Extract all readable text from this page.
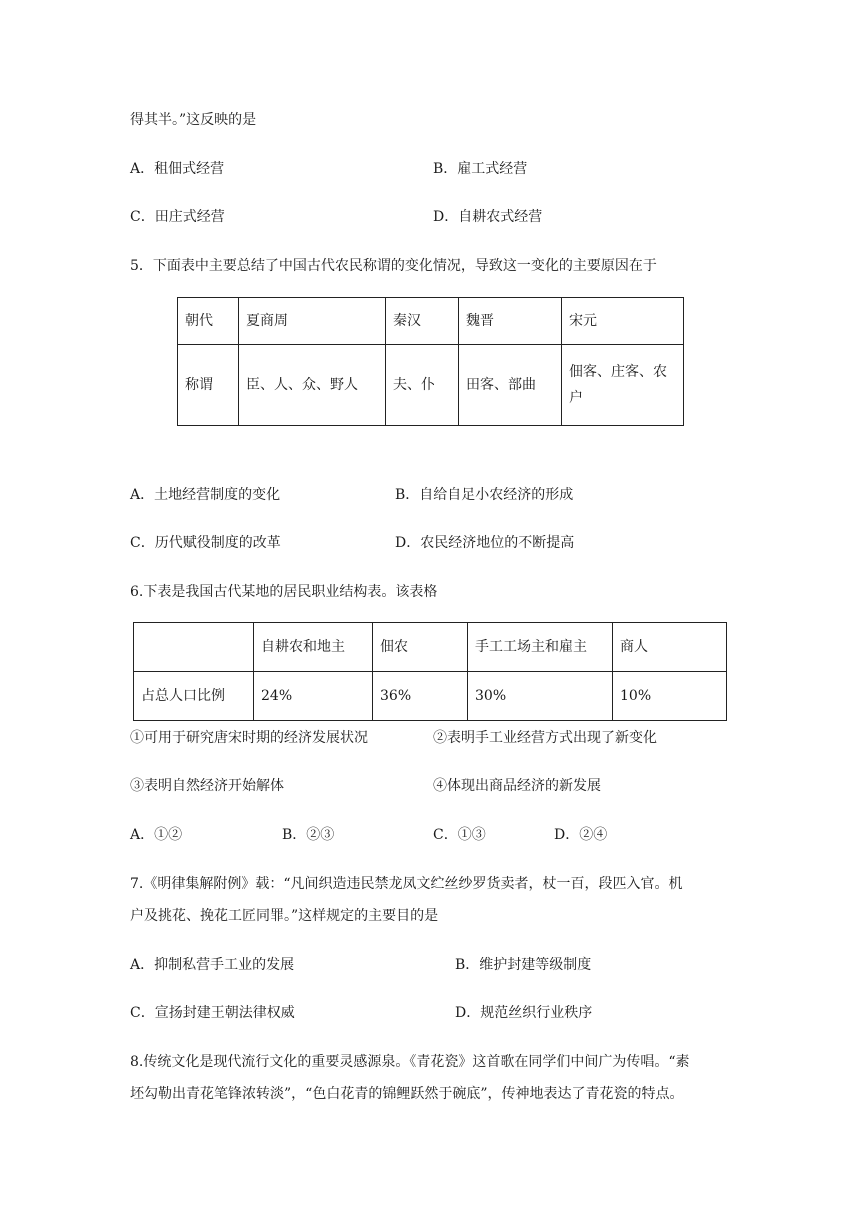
得其半。”这反映的是
A．租佃式经营	B．雇工式经营
C．田庄式经营	D．自耕农式经营
5．下面表中主要总结了中国古代农民称谓的变化情况，导致这一变化的主要原因在于
朝代	夏商周	秦汉	魏晋	宋元
称谓	臣、人、众、野人	夫、仆	田客、部曲	佃客、庄客、农
户
A．土地经营制度的变化	B．自给自足小农经济的形成
C．历代赋役制度的改革	D．农民经济地位的不断提高
6.下表是我国古代某地的居民职业结构表。该表格
	自耕农和地主	佃农	手工工场主和雇主	商人
占总人口比例	24%	36%	30%	10%
①可用于研究唐宋时期的经济发展状况	②表明手工业经营方式出现了新变化
③表明自然经济开始解体	④体现出商品经济的新发展
A．①②	B．②③	C．①③	D．②④
7.《明律集解附例》载：“凡间织造违民禁龙凤文纻丝纱罗货卖者，杖一百，段匹入官。机
户及挑花、挽花工匠同罪。”这样规定的主要目的是
A．抑制私营手工业的发展	B．维护封建等级制度
C．宣扬封建王朝法律权威	D．规范丝织行业秩序
8.传统文化是现代流行文化的重要灵感源泉。《青花瓷》这首歌在同学们中间广为传唱。“素
坯勾勒出青花笔锋浓转淡”，“色白花青的锦鲤跃然于碗底”，传神地表达了青花瓷的特点。
